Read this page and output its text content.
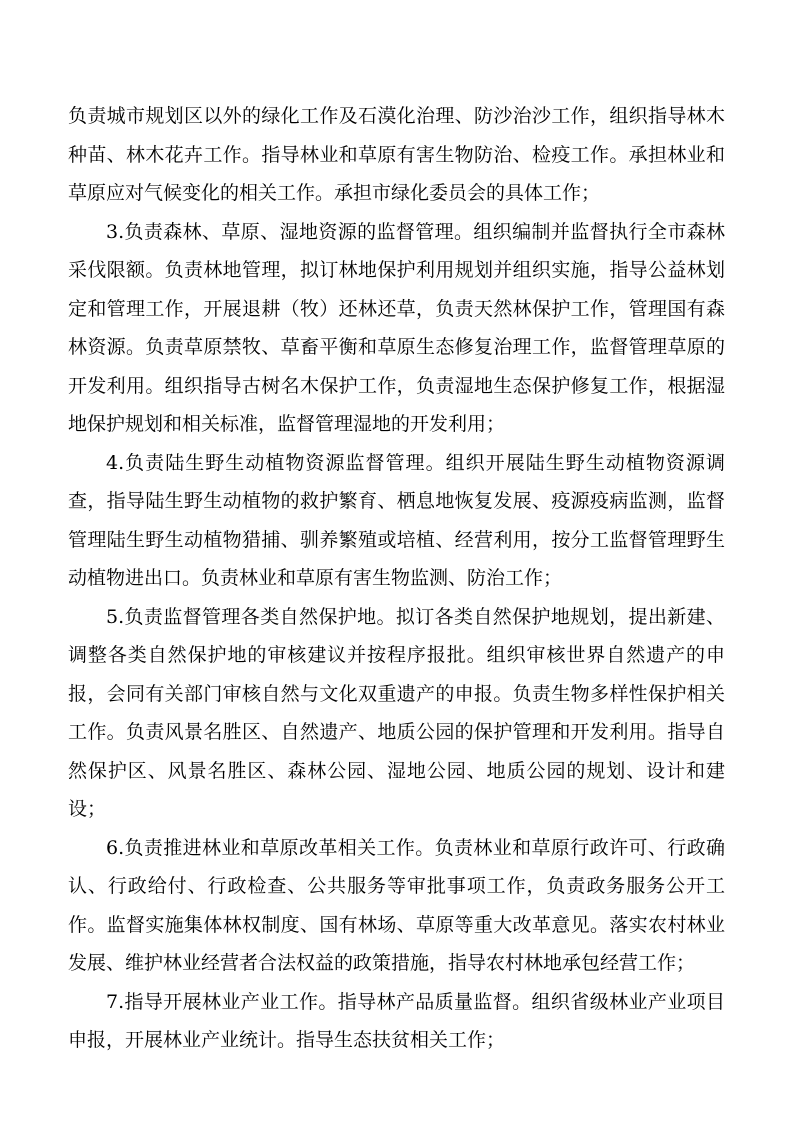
负责城市规划区以外的绿化工作及石漠化治理、防沙治沙工作，组织指导林木种苗、林木花卉工作。指导林业和草原有害生物防治、检疫工作。承担林业和草原应对气候变化的相关工作。承担市绿化委员会的具体工作；

3.负责森林、草原、湿地资源的监督管理。组织编制并监督执行全市森林采伐限额。负责林地管理，拟订林地保护利用规划并组织实施，指导公益林划定和管理工作，开展退耕（牧）还林还草，负责天然林保护工作，管理国有森林资源。负责草原禁牧、草畜平衡和草原生态修复治理工作，监督管理草原的开发利用。组织指导古树名木保护工作，负责湿地生态保护修复工作，根据湿地保护规划和相关标准，监督管理湿地的开发利用；

4.负责陆生野生动植物资源监督管理。组织开展陆生野生动植物资源调查，指导陆生野生动植物的救护繁育、栖息地恢复发展、疫源疫病监测，监督管理陆生野生动植物猎捕、驯养繁殖或培植、经营利用，按分工监督管理野生动植物进出口。负责林业和草原有害生物监测、防治工作；

5.负责监督管理各类自然保护地。拟订各类自然保护地规划，提出新建、调整各类自然保护地的审核建议并按程序报批。组织审核世界自然遗产的申报，会同有关部门审核自然与文化双重遗产的申报。负责生物多样性保护相关工作。负责风景名胜区、自然遗产、地质公园的保护管理和开发利用。指导自然保护区、风景名胜区、森林公园、湿地公园、地质公园的规划、设计和建设；

6.负责推进林业和草原改革相关工作。负责林业和草原行政许可、行政确认、行政给付、行政检查、公共服务等审批事项工作，负责政务服务公开工作。监督实施集体林权制度、国有林场、草原等重大改革意见。落实农村林业发展、维护林业经营者合法权益的政策措施，指导农村林地承包经营工作；

7.指导开展林业产业工作。指导林产品质量监督。组织省级林业产业项目申报，开展林业产业统计。指导生态扶贫相关工作；
